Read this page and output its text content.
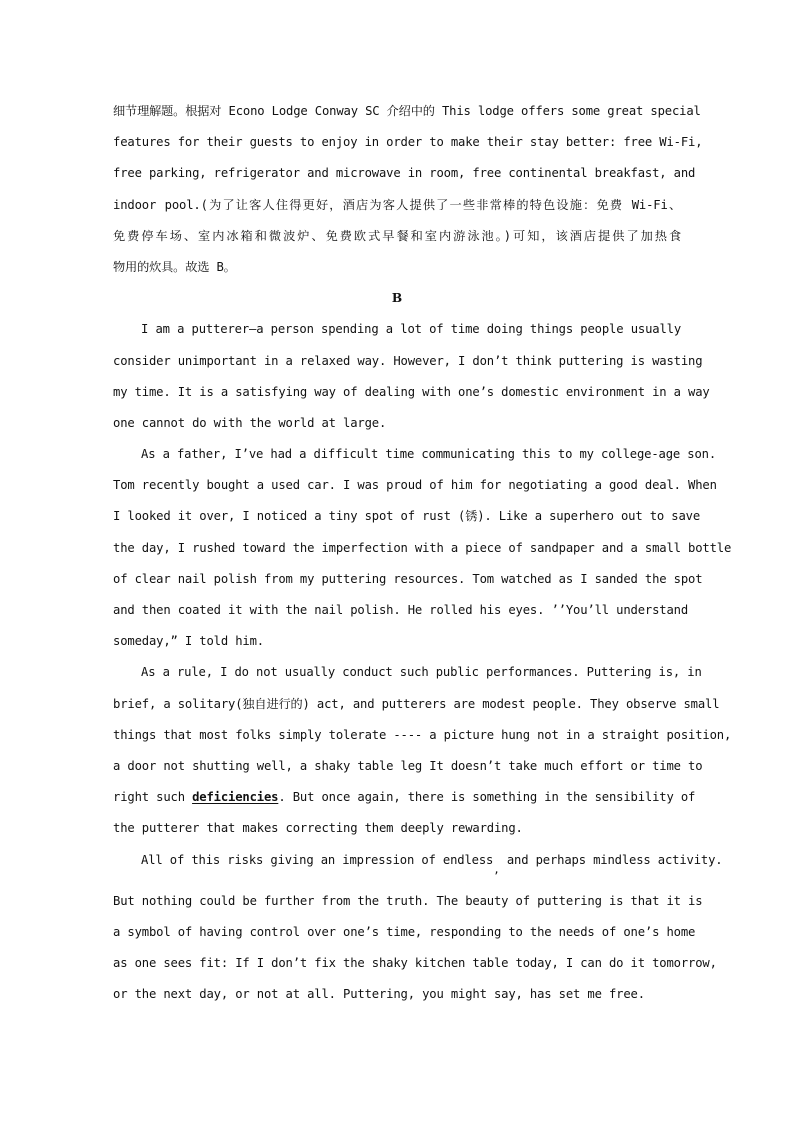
细节理解题。根据对 Econo Lodge Conway SC 介绍中的 This lodge offers some great special
features for their guests to enjoy in order to make their stay better: free Wi-Fi,
free parking, refrigerator and microwave in room, free continental breakfast, and
indoor pool.(为了让客人住得更好，酒店为客人提供了一些非常棒的特色设施：免费 Wi-Fi、
免费停车场、室内冰箱和微波炉、免费欧式早餐和室内游泳池。)可知，该酒店提供了加热食
物用的炊具。故选 B。
B
I am a putterer—a person spending a lot of time doing things people usually
consider unimportant in a relaxed way. However, I don’t think puttering is wasting
my time. It is a satisfying way of dealing with one’s domestic environment in a way
one cannot do with the world at large.
As a father, I’ve had a difficult time communicating this to my college-age son.
Tom recently bought a used car. I was proud of him for negotiating a good deal. When
I looked it over, I noticed a tiny spot of rust (锈). Like a superhero out to save
the day, I rushed toward the imperfection with a piece of sandpaper and a small bottle
of clear nail polish from my puttering resources. Tom watched as I sanded the spot
and then coated it with the nail polish. He rolled his eyes. ’’You’ll understand
someday,” I told him.
As a rule, I do not usually conduct such public performances. Puttering is, in
brief, a solitary(独自进行的) act, and putterers are modest people. They observe small
things that most folks simply tolerate ---- a picture hung not in a straight position,
a door not shutting well, a shaky table leg It doesn’t take much effort or time to
right such deficiencies. But once again, there is something in the sensibility of
the putterer that makes correcting them deeply rewarding.
All of this risks giving an impression of endless, and perhaps mindless activity.
But nothing could be further from the truth. The beauty of puttering is that it is
a symbol of having control over one’s time, responding to the needs of one’s home
as one sees fit: If I don’t fix the shaky kitchen table today, I can do it tomorrow,
or the next day, or not at all. Puttering, you might say, has set me free.
